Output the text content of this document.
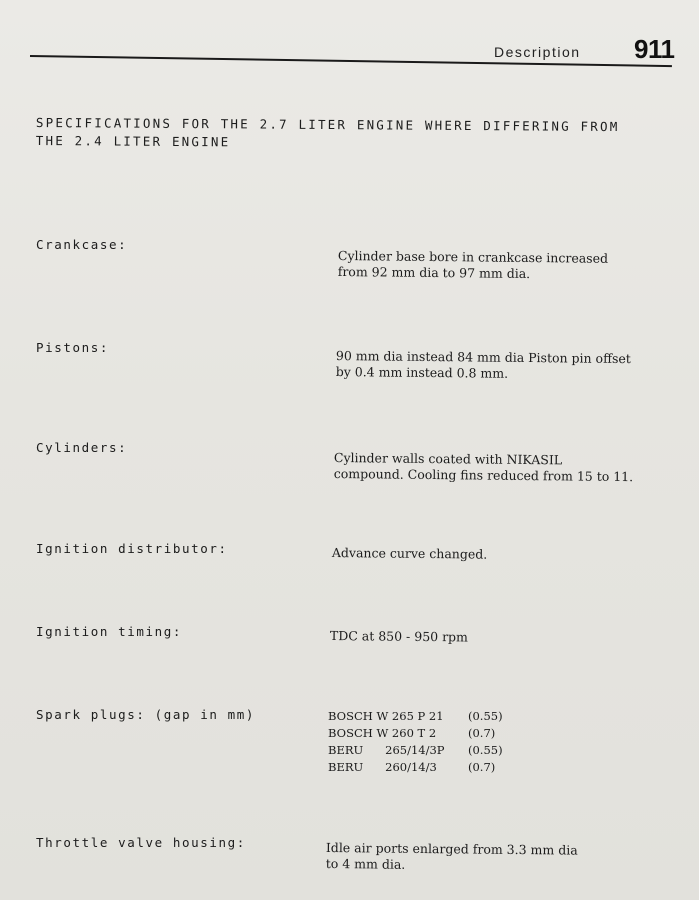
Description 911
SPECIFICATIONS FOR THE 2.7 LITER ENGINE WHERE DIFFERING FROM THE 2.4 LITER ENGINE
Crankcase:
Cylinder base bore in crankcase increased from 92 mm dia to 97 mm dia.
Pistons:
90 mm dia instead 84 mm dia Piston pin offset by 0.4 mm instead 0.8 mm.
Cylinders:
Cylinder walls coated with NIKASIL compound. Cooling fins reduced from 15 to 11.
Ignition distributor:	Advance curve changed.
Ignition timing:	TDC at 850 - 950 rpm
Spark plugs: (gap in mm)	BOSCH W 265 P 21 (0.55)
BOSCH W 260 T 2	(0.7)
BERU      265/14/3P (0.55)
BERU      260/14/3	(0.7)
Throttle valve housing:	Idle air ports enlarged from 3.3 mm dia to 4 mm dia.
